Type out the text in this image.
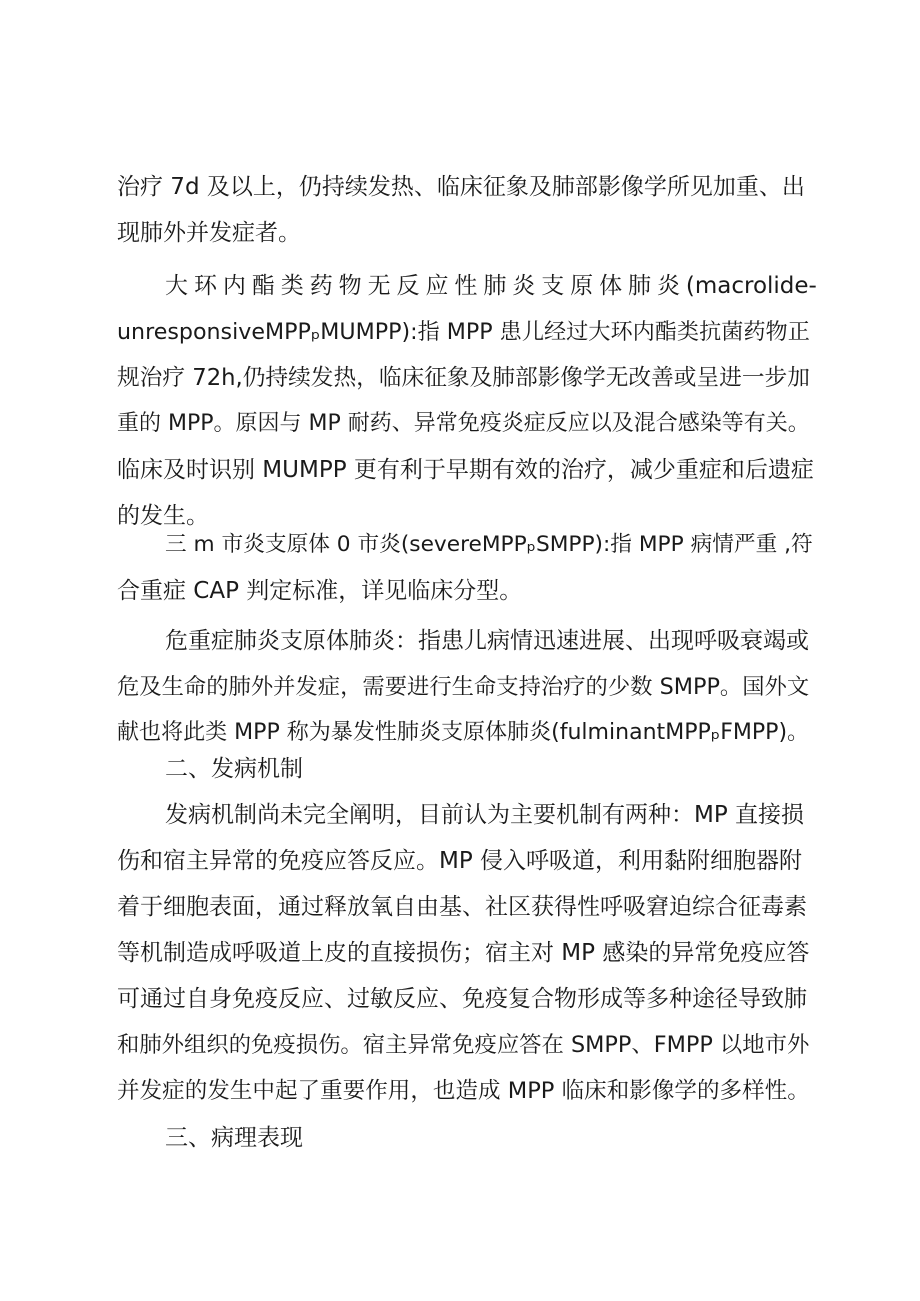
治疗 7d 及以上，仍持续发热、临床征象及肺部影像学所见加重、出
现肺外并发症者。
大 环 内 酯 类 药 物 无 反 应 性 肺 炎 支 原 体 肺 炎 (macrolide-
unresponsiveMPPₚMUMPP):指 MPP 患儿经过大环内酯类抗菌药物正
规治疗 72h,仍持续发热，临床征象及肺部影像学无改善或呈进一步加
重的 MPP。原因与 MP 耐药、异常免疫炎症反应以及混合感染等有关。
临床及时识别 MUMPP 更有利于早期有效的治疗，减少重症和后遗症
的发生。
三 m 市炎支原体 0 市炎(severeMPPₚSMPP):指 MPP 病情严重 ,符
合重症 CAP 判定标准，详见临床分型。
危重症肺炎支原体肺炎：指患儿病情迅速进展、出现呼吸衰竭或
危及生命的肺外并发症，需要进行生命支持治疗的少数 SMPP。国外文
献也将此类 MPP 称为暴发性肺炎支原体肺炎(fulminantMPPₚFMPP)。
二、发病机制
发病机制尚未完全阐明，目前认为主要机制有两种：MP 直接损
伤和宿主异常的免疫应答反应。MP 侵入呼吸道，利用黏附细胞器附
着于细胞表面，通过释放氧自由基、社区获得性呼吸窘迫综合征毒素
等机制造成呼吸道上皮的直接损伤；宿主对 MP 感染的异常免疫应答
可通过自身免疫反应、过敏反应、免疫复合物形成等多种途径导致肺
和肺外组织的免疫损伤。宿主异常免疫应答在 SMPP、FMPP 以地市外
并发症的发生中起了重要作用，也造成 MPP 临床和影像学的多样性。
三、病理表现
